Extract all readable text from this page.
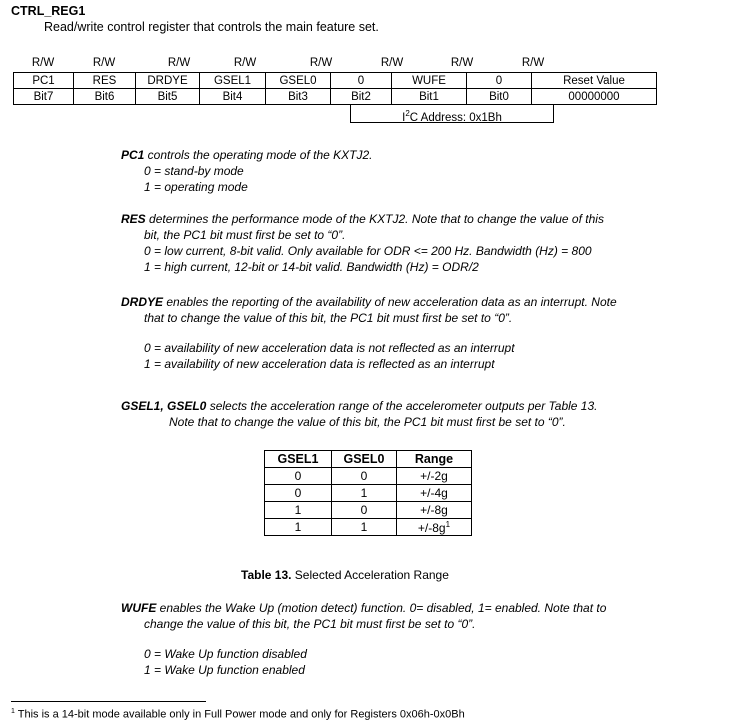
CTRL_REG1
Read/write control register that controls the main feature set.
R/W	R/W	R/W	R/W	R/W	R/W	R/W	R/W
PC1	RES	DRDYE	GSEL1	GSEL0	0	WUFE	0	Reset Value
Bit7	Bit6	Bit5	Bit4	Bit3	Bit2	Bit1	Bit0	00000000
$I^2C$ Address: 0x1Bh
PC1 controls the operating mode of the KXTJ2.
0 = stand-by mode
1 = operating mode
RES determines the performance mode of the KXTJ2. Note that to change the value of this
bit, the PC1 bit must first be set to “0”.
0 = low current, 8-bit valid. Only available for ODR <= 200 Hz. Bandwidth (Hz) = 800
1 = high current, 12-bit or 14-bit valid. Bandwidth (Hz) = ODR/2
DRDYE enables the reporting of the availability of new acceleration data as an interrupt. Note
that to change the value of this bit, the PC1 bit must first be set to “0”.
0 = availability of new acceleration data is not reflected as an interrupt
1 = availability of new acceleration data is reflected as an interrupt
GSEL1, GSEL0 selects the acceleration range of the accelerometer outputs per Table 13.
Note that to change the value of this bit, the PC1 bit must first be set to “0”.
GSEL1	GSEL0	Range
0	0	+/-2g
0	1	+/-4g
1	0	+/-8g
1	1	$+/-8g^1$
Table 13. Selected Acceleration Range
WUFE enables the Wake Up (motion detect) function. 0= disabled, 1= enabled. Note that to
change the value of this bit, the PC1 bit must first be set to “0”.
0 = Wake Up function disabled
1 = Wake Up function enabled
$^1$ This is a 14-bit mode available only in Full Power mode and only for Registers 0x06h-0x0Bh
